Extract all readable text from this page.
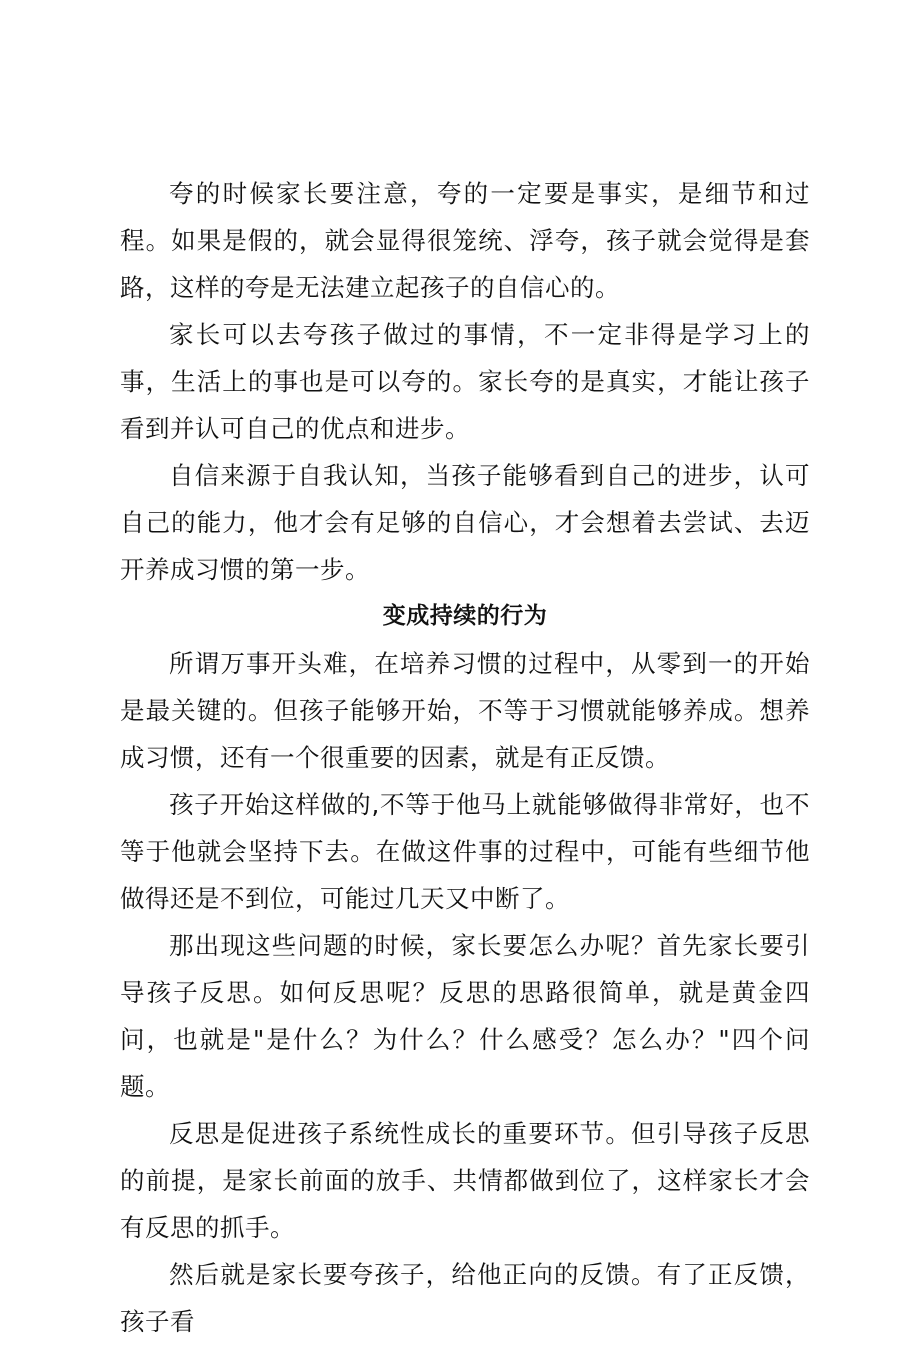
夸的时候家长要注意，夸的一定要是事实，是细节和过程。如果是假的，就会显得很笼统、浮夸，孩子就会觉得是套路，这样的夸是无法建立起孩子的自信心的。

家长可以去夸孩子做过的事情，不一定非得是学习上的事，生活上的事也是可以夸的。家长夸的是真实，才能让孩子看到并认可自己的优点和进步。

自信来源于自我认知，当孩子能够看到自己的进步，认可自己的能力，他才会有足够的自信心，才会想着去尝试、去迈开养成习惯的第一步。

变成持续的行为

所谓万事开头难，在培养习惯的过程中，从零到一的开始是最关键的。但孩子能够开始，不等于习惯就能够养成。想养成习惯，还有一个很重要的因素，就是有正反馈。

孩子开始这样做的,不等于他马上就能够做得非常好，也不等于他就会坚持下去。在做这件事的过程中，可能有些细节他做得还是不到位，可能过几天又中断了。

那出现这些问题的时候，家长要怎么办呢？首先家长要引导孩子反思。如何反思呢？反思的思路很简单，就是黄金四问，也就是"是什么？为什么？什么感受？怎么办？"四个问题。

反思是促进孩子系统性成长的重要环节。但引导孩子反思的前提，是家长前面的放手、共情都做到位了，这样家长才会有反思的抓手。

然后就是家长要夸孩子，给他正向的反馈。有了正反馈，孩子看
